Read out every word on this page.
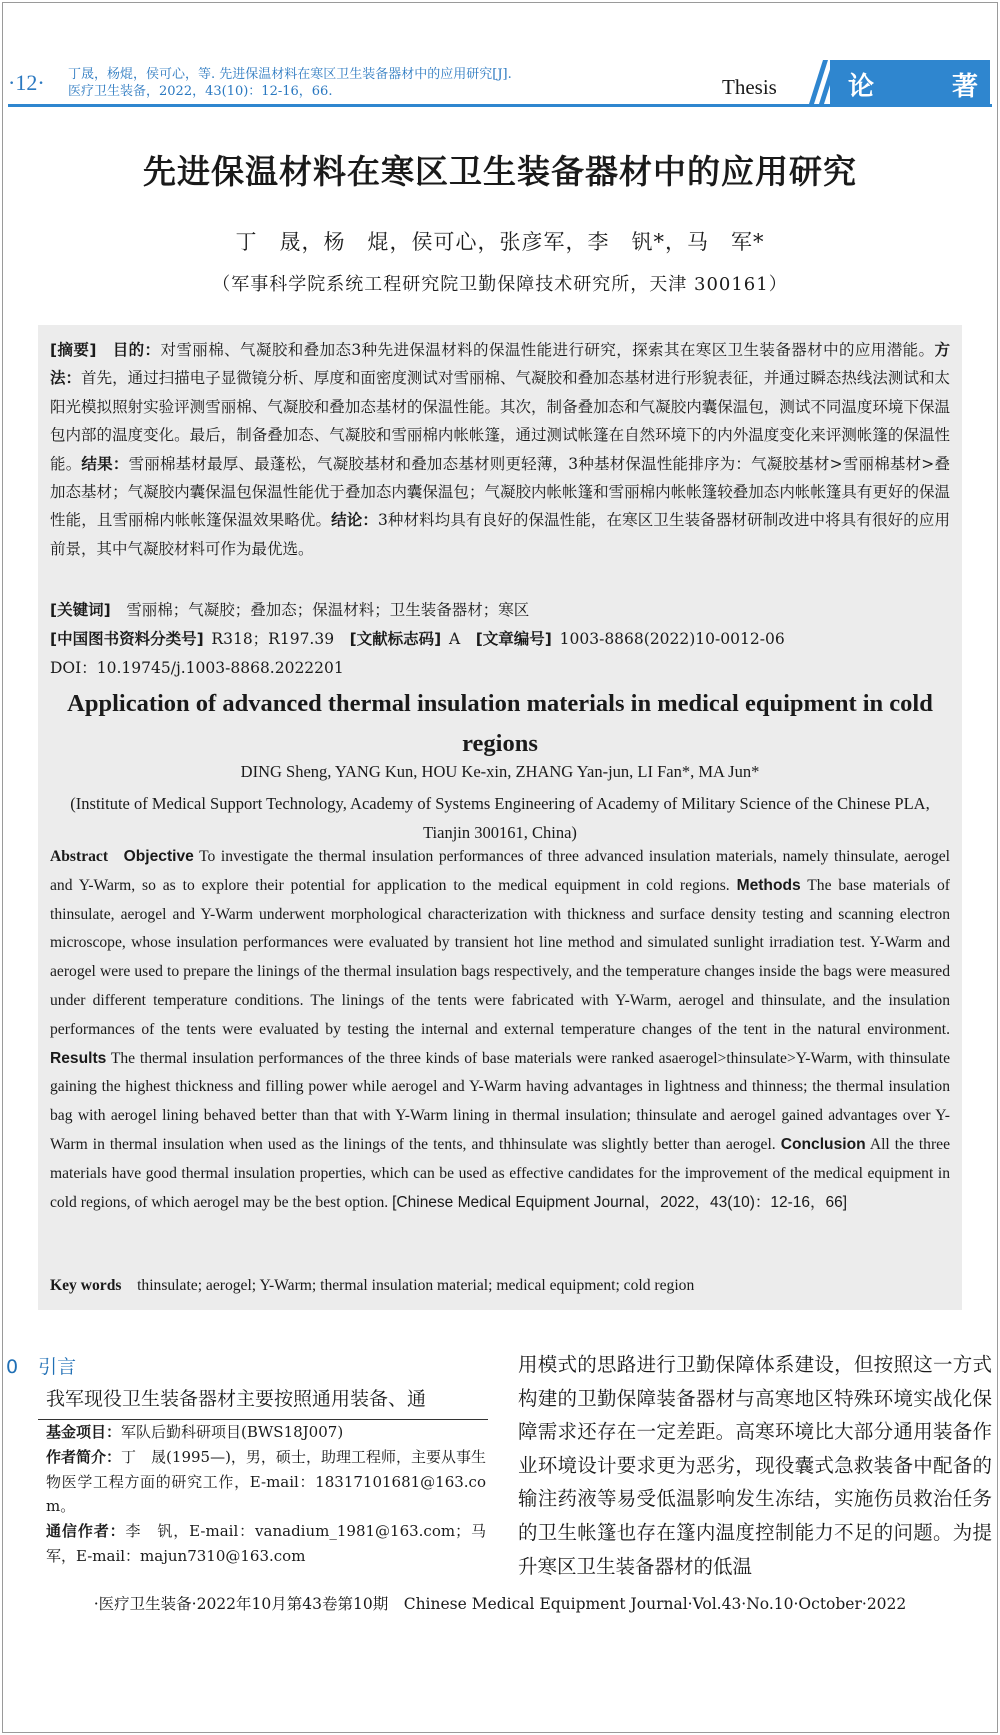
·12· 丁晟，杨焜，侯可心，等. 先进保温材料在寒区卫生装备器材中的应用研究[J].
医疗卫生装备，2022，43(10)：12-16，66.	Thesis	论	著
先进保温材料在寒区卫生装备器材中的应用研究
丁　晟，杨　焜，侯可心，张彦军，李　钒*，马　军*
（军事科学院系统工程研究院卫勤保障技术研究所，天津 300161）
[摘要]　 目的：对雪丽棉、气凝胶和叠加态3种先进保温材料的保温性能进行研究，探索其在寒区卫生装备器材中的应用潜能。方法：首先，通过扫描电子显微镜分析、厚度和面密度测试对雪丽棉、气凝胶和叠加态基材进行形貌表征，并通过瞬态热线法测试和太阳光模拟照射实验评测雪丽棉、气凝胶和叠加态基材的保温性能。其次，制备叠加态和气凝胶内囊保温包，测试不同温度环境下保温包内部的温度变化。最后，制备叠加态、气凝胶和雪丽棉内帐帐篷，通过测试帐篷在自然环境下的内外温度变化来评测帐篷的保温性能。结果：雪丽棉基材最厚、最蓬松，气凝胶基材和叠加态基材则更轻薄，3种基材保温性能排序为：气凝胶基材>雪丽棉基材>叠加态基材；气凝胶内囊保温包保温性能优于叠加态内囊保温包；气凝胶内帐帐篷和雪丽棉内帐帐篷较叠加态内帐帐篷具有更好的保温性能，且雪丽棉内帐帐篷保温效果略优。结论：3种材料均具有良好的保温性能，在寒区卫生装备器材研制改进中将具有很好的应用前景，其中气凝胶材料可作为最优选。
[关键词]　 雪丽棉；气凝胶；叠加态；保温材料；卫生装备器材；寒区
[中国图书资料分类号]  R318；R197.39  [文献标志码]  A  [文章编号]  1003-8868(2022)10-0012-06
DOI：10.19745/j.1003-8868.2022201
Application of advanced thermal insulation materials in medical equipment in cold regions
DING Sheng, YANG Kun, HOU Ke-xin, ZHANG Yan-jun, LI Fan*, MA Jun*
(Institute of Medical Support Technology, Academy of Systems Engineering of Academy of Military Science of the Chinese PLA, Tianjin 300161, China)
Abstract  Objective To investigate the thermal insulation performances of three advanced insulation materials, namely thinsulate, aerogel and Y-Warm, so as to explore their potential for application to the medical equipment in cold regions. Methods The base materials of thinsulate, aerogel and Y-Warm underwent morphological characterization with thickness and surface density testing and scanning electron microscope, whose insulation performances were evaluated by transient hot line method and simulated sunlight irradiation test. Y-Warm and aerogel were used to prepare the linings of the thermal insulation bags respectively, and the temperature changes inside the bags were measured under different temperature conditions. The linings of the tents were fabricated with Y-Warm, aerogel and thinsulate, and the insulation performances of the tents were evaluated by testing the internal and external temperature changes of the tent in the natural environment. Results The thermal insulation performances of the three kinds of base materials were ranked asaerogel>thinsulate>Y-Warm, with thinsulate gaining the highest thickness and filling power while aerogel and Y-Warm having advantages in lightness and thinness; the thermal insulation bag with aerogel lining behaved better than that with Y-Warm lining in thermal insulation; thinsulate and aerogel gained advantages over Y-Warm in thermal insulation when used as the linings of the tents, and thhinsulate was slightly better than aerogel. Conclusion All the three materials have good thermal insulation properties, which can be used as effective candidates for the improvement of the medical equipment in cold regions, of which aerogel may be the best option. [Chinese Medical Equipment Journal，2022，43(10)：12-16，66]
Key words  thinsulate; aerogel; Y-Warm; thermal insulation material; medical equipment; cold region
0 引言
我军现役卫生装备器材主要按照通用装备、通
基金项目：军队后勤科研项目(BWS18J007)
作者简介：丁　晟(1995—)，男，硕士，助理工程师，主要从事生物医学工程方面的研究工作，E-mail：18317101681@163.com。
通信作者：李　钒，E-mail：vanadium_1981@163.com；马　军，E-mail：majun7310@163.com
用模式的思路进行卫勤保障体系建设，但按照这一方式构建的卫勤保障装备器材与高寒地区特殊环境实战化保障需求还存在一定差距。高寒环境比大部分通用装备作业环境设计要求更为恶劣，现役囊式急救装备中配备的输注药液等易受低温影响发生冻结，实施伤员救治任务的卫生帐篷也存在篷内温度控制能力不足的问题。为提升寒区卫生装备器材的低温
·医疗卫生装备·2022年10月第43卷第10期　Chinese Medical Equipment Journal·Vol.43·No.10·October·2022
